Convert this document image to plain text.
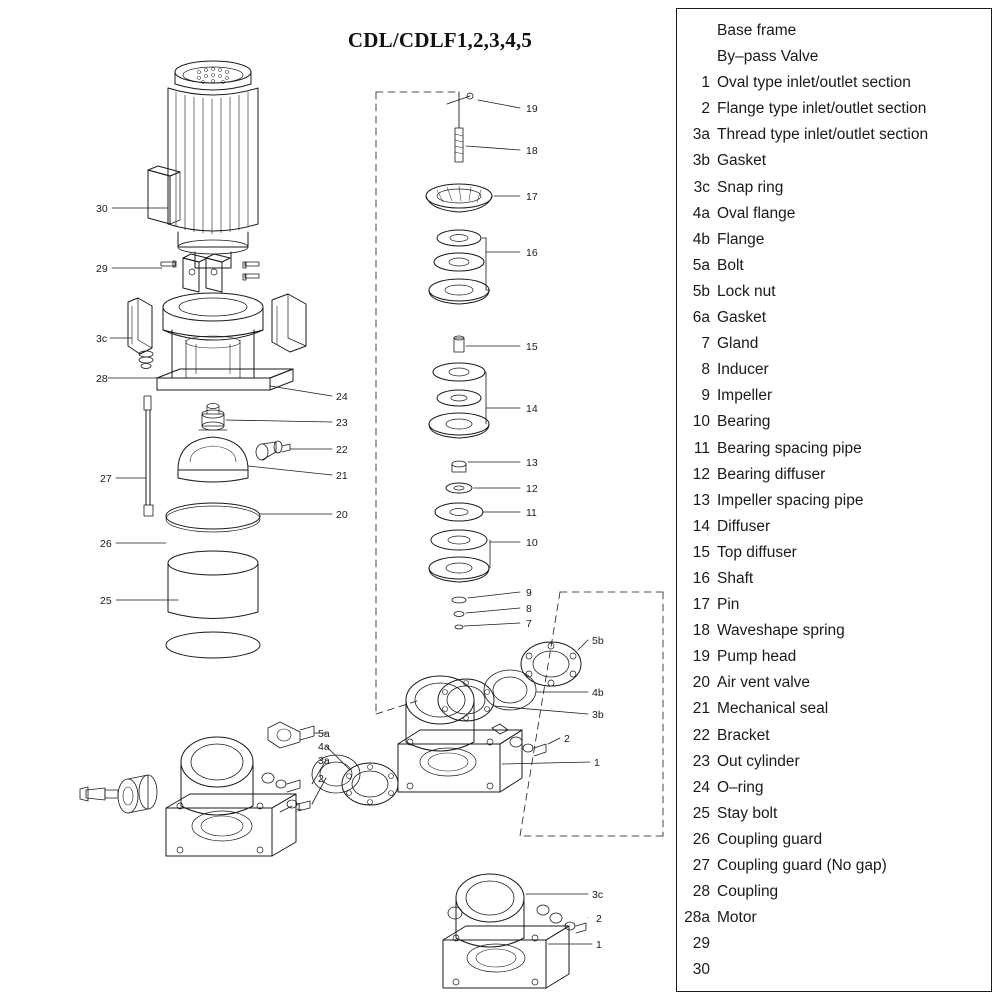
CDL/CDLF1,2,3,4,5
30
29
3c
28
27
26
25
24
23
22
21
20
19
18
17
16
15
14
13
12
11
10
9
8
7
5a
4a
3a
2
1
5b
4b
3b
2
1
3c
2
1
Base frame
By–pass Valve
1 Oval type inlet/outlet section
2 Flange type inlet/outlet section
3a Thread type inlet/outlet section
3b Gasket
3c Snap ring
4a Oval flange
4b Flange
5a Bolt
5b Lock nut
6a Gasket
7 Gland
8 Inducer
9 Impeller
10 Bearing
11 Bearing spacing pipe
12 Bearing diffuser
13 Impeller spacing pipe
14 Diffuser
15 Top diffuser
16 Shaft
17 Pin
18 Waveshape spring
19 Pump head
20 Air vent valve
21 Mechanical seal
22 Bracket
23 Out cylinder
24 O–ring
25 Stay bolt
26 Coupling guard
27 Coupling guard (No gap)
28 Coupling
28a Motor
29
30
